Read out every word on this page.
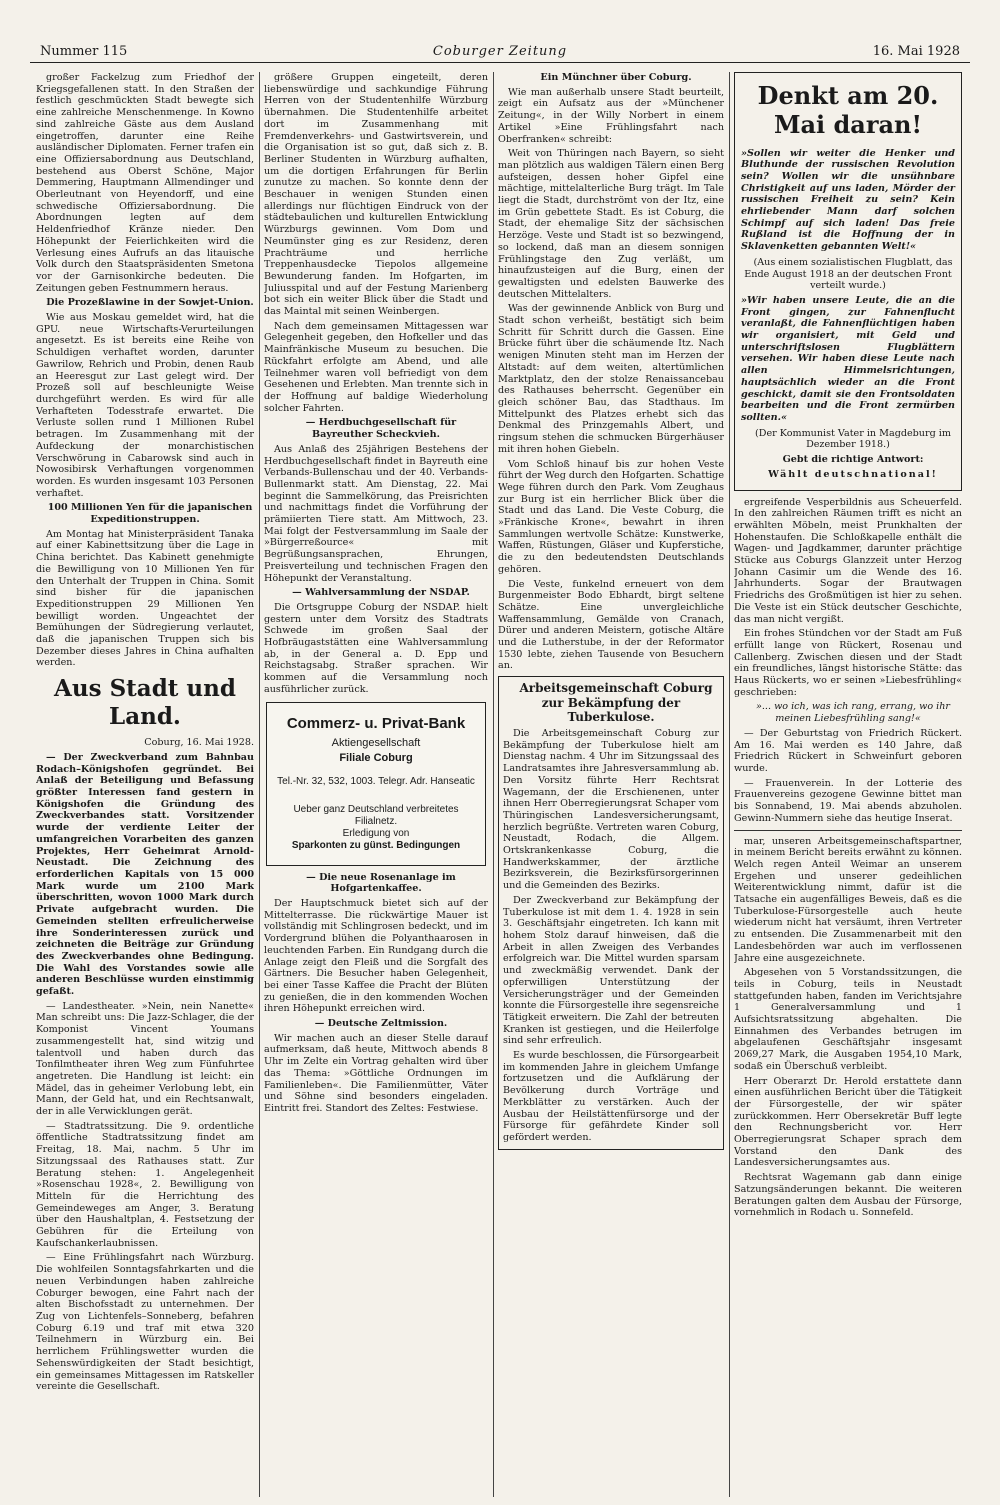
Nummer 115	Coburger Zeitung	16. Mai 1928

großer Fackelzug zum Friedhof der Kriegsgefallenen statt. In den Straßen der festlich geschmückten Stadt bewegte sich eine zahlreiche Menschenmenge. In Kowno sind zahlreiche Gäste aus dem Ausland eingetroffen, darunter eine Reihe ausländischer Diplomaten. Ferner trafen ein eine Offiziersabordnung aus Deutschland, bestehend aus Oberst Schöne, Major Demmering, Hauptmann Allmendinger und Oberleutnant von Heyendorff, und eine schwedische Offiziersabordnung. Die Abordnungen legten auf dem Heldenfriedhof Kränze nieder. Den Höhepunkt der Feierlichkeiten wird die Verlesung eines Aufrufs an das litauische Volk durch den Staatspräsidenten Smetona vor der Garnisonkirche bedeuten. Die Zeitungen geben Festnummern heraus.

Die Prozeßlawine in der Sowjet-Union.

Wie aus Moskau gemeldet wird, hat die GPU. neue Wirtschafts-Verurteilungen angesetzt. Es ist bereits eine Reihe von Schuldigen verhaftet worden, darunter Gawrilow, Rehrich und Probin, denen Raub an Heeresgut zur Last gelegt wird. Der Prozeß soll auf beschleunigte Weise durchgeführt werden. Es wird für alle Verhafteten Todesstrafe erwartet. Die Verluste sollen rund 1 Millionen Rubel betragen. Im Zusammenhang mit der Aufdeckung der monarchistischen Verschwörung in Cabarowsk sind auch in Nowosibirsk Verhaftungen vorgenommen worden. Es wurden insgesamt 103 Personen verhaftet.

100 Millionen Yen für die japanischen Expeditionstruppen.

Am Montag hat Ministerpräsident Tanaka auf einer Kabinettsitzung über die Lage in China berichtet. Das Kabinett genehmigte die Bewilligung von 10 Millionen Yen für den Unterhalt der Truppen in China. Somit sind bisher für die japanischen Expeditionstruppen 29 Millionen Yen bewilligt worden. Ungeachtet der Bemühungen der Südregierung verlautet, daß die japanischen Truppen sich bis Dezember dieses Jahres in China aufhalten werden.

Aus Stadt und Land.

Coburg, 16. Mai 1928.

— Der Zweckverband zum Bahnbau Rodach–Königshofen gegründet. Bei Anlaß der Beteiligung und Befassung größter Interessen fand gestern in Königshofen die Gründung des Zweckverbandes statt. Vorsitzender wurde der verdiente Leiter der umfangreichen Vorarbeiten des ganzen Projektes, Herr Geheimrat Arnold-Neustadt. Die Zeichnung des erforderlichen Kapitals von 15 000 Mark wurde um 2100 Mark überschritten, wovon 1000 Mark durch Private aufgebracht wurden. Die Gemeinden stellten erfreulicherweise ihre Sonderinteressen zurück und zeichneten die Beiträge zur Gründung des Zweckverbandes ohne Bedingung. Die Wahl des Vorstandes sowie alle anderen Beschlüsse wurden einstimmig gefaßt.

— Landestheater. »Nein, nein Nanette« Man schreibt uns: Die Jazz-Schlager, die der Komponist Vincent Youmans zusammengestellt hat, sind witzig und talentvoll und haben durch das Tonfilmtheater ihren Weg zum Fünfuhrtee angetreten. Die Handlung ist leicht: ein Mädel, das in geheimer Verlobung lebt, ein Mann, der Geld hat, und ein Rechtsanwalt, der in alle Verwicklungen gerät.

— Stadtratssitzung. Die 9. ordentliche öffentliche Stadtratssitzung findet am Freitag, 18. Mai, nachm. 5 Uhr im Sitzungssaal des Rathauses statt. Zur Beratung stehen: 1. Angelegenheit »Rosenschau 1928«, 2. Bewilligung von Mitteln für die Herrichtung des Gemeindeweges am Anger, 3. Beratung über den Haushaltplan, 4. Festsetzung der Gebühren für die Erteilung von Kaufschankerlaubnissen.

— Eine Frühlingsfahrt nach Würzburg. Die wohlfeilen Sonntagsfahrkarten und die neuen Verbindungen haben zahlreiche Coburger bewogen, eine Fahrt nach der alten Bischofsstadt zu unternehmen. Der Zug von Lichtenfels–Sonneberg, befahren Coburg 6.19 und traf mit etwa 320 Teilnehmern in Würzburg ein. Bei herrlichem Frühlingswetter wurden die Sehenswürdigkeiten der Stadt besichtigt, ein gemeinsames Mittagessen im Ratskeller vereinte die Gesellschaft.

größere Gruppen eingeteilt, deren liebenswürdige und sachkundige Führung Herren von der Studentenhilfe Würzburg übernahmen. Die Studentenhilfe arbeitet dort im Zusammenhang mit Fremdenverkehrs- und Gastwirtsverein, und die Organisation ist so gut, daß sich z. B. Berliner Studenten in Würzburg aufhalten, um die dortigen Erfahrungen für Berlin zunutze zu machen. So konnte denn der Beschauer in wenigen Stunden einen allerdings nur flüchtigen Eindruck von der städtebaulichen und kulturellen Entwicklung Würzburgs gewinnen. Vom Dom und Neumünster ging es zur Residenz, deren Prachträume und herrliche Treppenhausdecke Tiepolos allgemeine Bewunderung fanden. Im Hofgarten, im Juliusspital und auf der Festung Marienberg bot sich ein weiter Blick über die Stadt und das Maintal mit seinen Weinbergen.

Nach dem gemeinsamen Mittagessen war Gelegenheit gegeben, den Hofkeller und das Mainfränkische Museum zu besuchen. Die Rückfahrt erfolgte am Abend, und alle Teilnehmer waren voll befriedigt von dem Gesehenen und Erlebten. Man trennte sich in der Hoffnung auf baldige Wiederholung solcher Fahrten.

— Herdbuchgesellschaft für Bayreuther Scheckvieh.

Aus Anlaß des 25jährigen Bestehens der Herdbuchgesellschaft findet in Bayreuth eine Verbands-Bullenschau und der 40. Verbands-Bullenmarkt statt. Am Dienstag, 22. Mai beginnt die Sammelkörung, das Preisrichten und nachmittags findet die Vorführung der prämiierten Tiere statt. Am Mittwoch, 23. Mai folgt der Festversammlung im Saale der »Bürgerreßource« mit Begrüßungsansprachen, Ehrungen, Preisverteilung und technischen Fragen den Höhepunkt der Veranstaltung.

— Wahlversammlung der NSDAP.

Die Ortsgruppe Coburg der NSDAP. hielt gestern unter dem Vorsitz des Stadtrats Schwede im großen Saal der Hofbräugaststätten eine Wahlversammlung ab, in der General a. D. Epp und Reichstagsabg. Straßer sprachen. Wir kommen auf die Versammlung noch ausführlicher zurück.

Commerz- u. Privat-Bank
Aktiengesellschaft
Filiale Coburg
Tel.-Nr. 32, 532, 1003. Telegr. Adr. Hanseatic
Ueber ganz Deutschland verbreitetes Filialnetz.
Erledigung von
Sparkonten zu günst. Bedingungen

— Die neue Rosenanlage im Hofgartenkaffee.

Der Hauptschmuck bietet sich auf der Mittelterrasse. Die rückwärtige Mauer ist vollständig mit Schlingrosen bedeckt, und im Vordergrund blühen die Polyanthaarosen in leuchtenden Farben. Ein Rundgang durch die Anlage zeigt den Fleiß und die Sorgfalt des Gärtners. Die Besucher haben Gelegenheit, bei einer Tasse Kaffee die Pracht der Blüten zu genießen, die in den kommenden Wochen ihren Höhepunkt erreichen wird.

— Deutsche Zeltmission.

Wir machen auch an dieser Stelle darauf aufmerksam, daß heute, Mittwoch abends 8 Uhr im Zelte ein Vortrag gehalten wird über das Thema: »Göttliche Ordnungen im Familienleben«. Die Familienmütter, Väter und Söhne sind besonders eingeladen. Eintritt frei. Standort des Zeltes: Festwiese.

Ein Münchner über Coburg.

Wie man außerhalb unsere Stadt beurteilt, zeigt ein Aufsatz aus der »Münchener Zeitung«, in der Willy Norbert in einem Artikel »Eine Frühlingsfahrt nach Oberfranken« schreibt:

Weit von Thüringen nach Bayern, so sieht man plötzlich aus waldigen Tälern einen Berg aufsteigen, dessen hoher Gipfel eine mächtige, mittelalterliche Burg trägt. Im Tale liegt die Stadt, durchströmt von der Itz, eine im Grün gebettete Stadt. Es ist Coburg, die Stadt, der ehemalige Sitz der sächsischen Herzöge. Veste und Stadt ist so bezwingend, so lockend, daß man an diesem sonnigen Frühlingstage den Zug verläßt, um hinaufzusteigen auf die Burg, einen der gewaltigsten und edelsten Bauwerke des deutschen Mittelalters.

Was der gewinnende Anblick von Burg und Stadt schon verheißt, bestätigt sich beim Schritt für Schritt durch die Gassen. Eine Brücke führt über die schäumende Itz. Nach wenigen Minuten steht man im Herzen der Altstadt: auf dem weiten, altertümlichen Marktplatz, den der stolze Renaissancebau des Rathauses beherrscht. Gegenüber ein gleich schöner Bau, das Stadthaus. Im Mittelpunkt des Platzes erhebt sich das Denkmal des Prinzgemahls Albert, und ringsum stehen die schmucken Bürgerhäuser mit ihren hohen Giebeln.

Vom Schloß hinauf bis zur hohen Veste führt der Weg durch den Hofgarten. Schattige Wege führen durch den Park. Vom Zeughaus zur Burg ist ein herrlicher Blick über die Stadt und das Land. Die Veste Coburg, die »Fränkische Krone«, bewahrt in ihren Sammlungen wertvolle Schätze: Kunstwerke, Waffen, Rüstungen, Gläser und Kupferstiche, die zu den bedeutendsten Deutschlands gehören.

Die Veste, funkelnd erneuert von dem Burgenmeister Bodo Ebhardt, birgt seltene Schätze. Eine unvergleichliche Waffensammlung, Gemälde von Cranach, Dürer und anderen Meistern, gotische Altäre und die Lutherstube, in der der Reformator 1530 lebte, ziehen Tausende von Besuchern an.

Arbeitsgemeinschaft Coburg zur Bekämpfung der Tuberkulose.

Die Arbeitsgemeinschaft Coburg zur Bekämpfung der Tuberkulose hielt am Dienstag nachm. 4 Uhr im Sitzungssaal des Landratsamtes ihre Jahresversammlung ab. Den Vorsitz führte Herr Rechtsrat Wagemann, der die Erschienenen, unter ihnen Herr Oberregierungsrat Schaper vom Thüringischen Landesversicherungsamt, herzlich begrüßte. Vertreten waren Coburg, Neustadt, Rodach, die Allgem. Ortskrankenkasse Coburg, die Handwerkskammer, der ärztliche Bezirksverein, die Bezirksfürsorgerinnen und die Gemeinden des Bezirks.

Der Zweckverband zur Bekämpfung der Tuberkulose ist mit dem 1. 4. 1928 in sein 3. Geschäftsjahr eingetreten. Ich kann mit hohem Stolz darauf hinweisen, daß die Arbeit in allen Zweigen des Verbandes erfolgreich war. Die Mittel wurden sparsam und zweckmäßig verwendet. Dank der opferwilligen Unterstützung der Versicherungsträger und der Gemeinden konnte die Fürsorgestelle ihre segensreiche Tätigkeit erweitern. Die Zahl der betreuten Kranken ist gestiegen, und die Heilerfolge sind sehr erfreulich.

Es wurde beschlossen, die Fürsorgearbeit im kommenden Jahre in gleichem Umfange fortzusetzen und die Aufklärung der Bevölkerung durch Vorträge und Merkblätter zu verstärken. Auch der Ausbau der Heilstättenfürsorge und der Fürsorge für gefährdete Kinder soll gefördert werden.

Denkt am 20. Mai daran!

»Sollen wir weiter die Henker und Bluthunde der russischen Revolution sein? Wollen wir die unsühnbare Christigkeit auf uns laden, Mörder der russischen Freiheit zu sein? Kein ehrliebender Mann darf solchen Schimpf auf sich laden! Das freie Rußland ist die Hoffnung der in Sklavenketten gebannten Welt!«

(Aus einem sozialistischen Flugblatt, das Ende August 1918 an der deutschen Front verteilt wurde.)

»Wir haben unsere Leute, die an die Front gingen, zur Fahnenflucht veranlaßt, die Fahnenflüchtigen haben wir organisiert, mit Geld und unterschriftslosen Flugblättern versehen. Wir haben diese Leute nach allen Himmelsrichtungen, hauptsächlich wieder an die Front geschickt, damit sie den Frontsoldaten bearbeiten und die Front zermürben sollten.«

(Der Kommunist Vater in Magdeburg im Dezember 1918.)

Gebt die richtige Antwort:

Wählt deutschnational!

ergreifende Vesperbildnis aus Scheuerfeld. In den zahlreichen Räumen trifft es nicht an erwählten Möbeln, meist Prunkhalten der Hohenstaufen. Die Schloßkapelle enthält die Wagen- und Jagdkammer, darunter prächtige Stücke aus Coburgs Glanzzeit unter Herzog Johann Casimir um die Wende des 16. Jahrhunderts. Sogar der Brautwagen Friedrichs des Großmütigen ist hier zu sehen. Die Veste ist ein Stück deutscher Geschichte, das man nicht vergißt.

Ein frohes Stündchen vor der Stadt am Fuß erfüllt lange von Rückert, Rosenau und Callenberg. Zwischen diesen und der Stadt ein freundliches, längst historische Stätte: das Haus Rückerts, wo er seinen »Liebesfrühling« geschrieben:

»... wo ich, was ich rang, errang, wo ihr meinen Liebesfrühling sang!«

— Der Geburtstag von Friedrich Rückert. Am 16. Mai werden es 140 Jahre, daß Friedrich Rückert in Schweinfurt geboren wurde.

— Frauenverein. In der Lotterie des Frauenvereins gezogene Gewinne bittet man bis Sonnabend, 19. Mai abends abzuholen. Gewinn-Nummern siehe das heutige Inserat.

mar, unseren Arbeitsgemeinschaftspartner, in meinem Bericht bereits erwähnt zu können. Welch regen Anteil Weimar an unserem Ergehen und unserer gedeihlichen Weiterentwicklung nimmt, dafür ist die Tatsache ein augenfälliges Beweis, daß es die Tuberkulose-Fürsorgestelle auch heute wiederum nicht hat versäumt, ihren Vertreter zu entsenden. Die Zusammenarbeit mit den Landesbehörden war auch im verflossenen Jahre eine ausgezeichnete.

Abgesehen von 5 Vorstandssitzungen, die teils in Coburg, teils in Neustadt stattgefunden haben, fanden im Verichtsjahre 1 Generalversammlung und 1 Aufsichtsratssitzung abgehalten. Die Einnahmen des Verbandes betrugen im abgelaufenen Geschäftsjahr insgesamt 2069,27 Mark, die Ausgaben 1954,10 Mark, sodaß ein Überschuß verbleibt.

Herr Oberarzt Dr. Herold erstattete dann einen ausführlichen Bericht über die Tätigkeit der Fürsorgestelle, der wir später zurückkommen. Herr Obersekretär Buff legte den Rechnungsbericht vor. Herr Oberregierungsrat Schaper sprach dem Vorstand den Dank des Landesversicherungsamtes aus.

Rechtsrat Wagemann gab dann einige Satzungsänderungen bekannt. Die weiteren Beratungen galten dem Ausbau der Fürsorge, vornehmlich in Rodach u. Sonnefeld.
